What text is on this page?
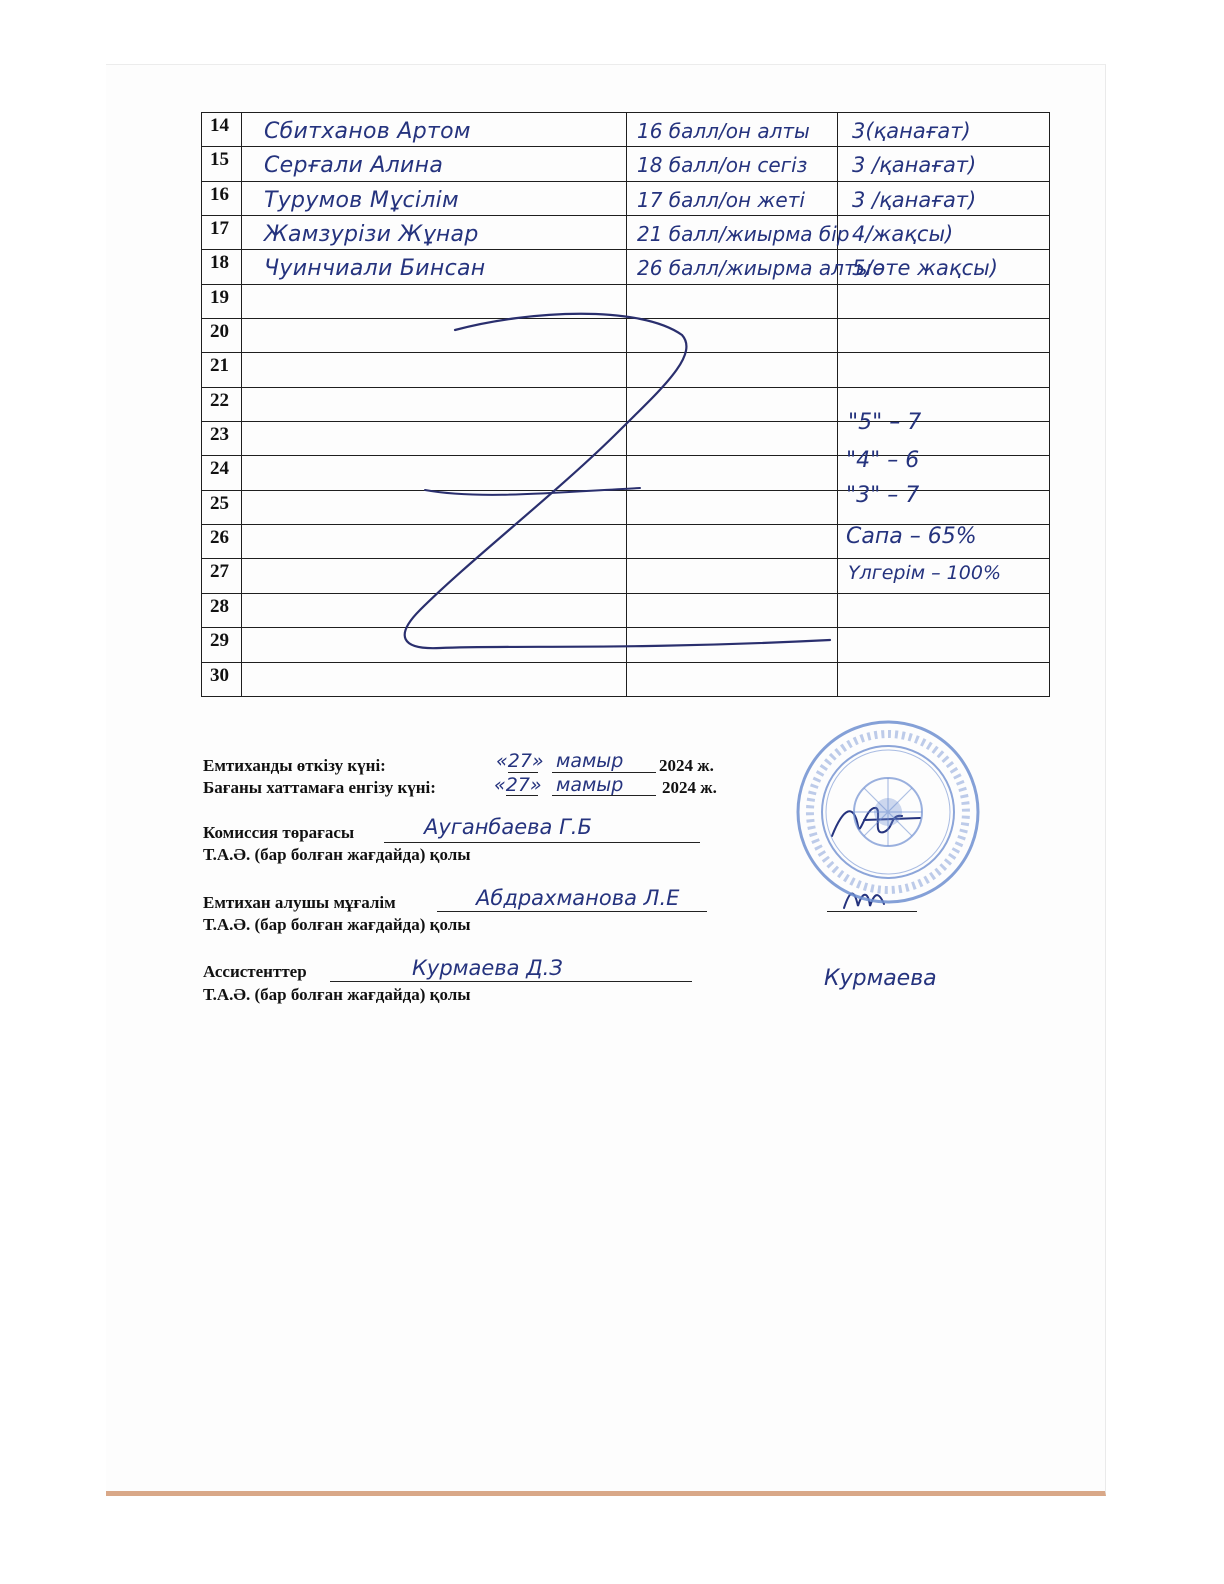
14	Сбитханов Артом	16 балл/он алты	3(қанағат)
15	Серғали Алина	18 балл/он сегіз	3 /қанағат)
16	Турумов Мұсілім	17 балл/он жеті	3 /қанағат)
17	Жамзурізи Жұнар	21 балл/жиырма бір	4/жақсы)
18	Чуинчиали Бинсан	26 балл/жиырма алты	5/өте жақсы)
19			
20			
21			
22			
23			
24			
25			
26			
27			
28			
29			
30			
"5" – 7
"4" – 6
"3" – 7
Сапа – 65%
Үлгерім – 100%
Емтиханды өткізу күні:	«27» мамыр 2024 ж.
Бағаны хаттамаға енгізу күні:	«27» мамыр 2024 ж.
Комиссия төрағасы	Ауганбаева Г.Б
Т.А.Ә. (бар болған жағдайда) қолы
Емтихан алушы мұғалім	Абдрахманова Л.Е
Т.А.Ә. (бар болған жағдайда) қолы
Ассистенттер	Курмаева Д.З	Курмаева
Т.А.Ә. (бар болған жағдайда) қолы
